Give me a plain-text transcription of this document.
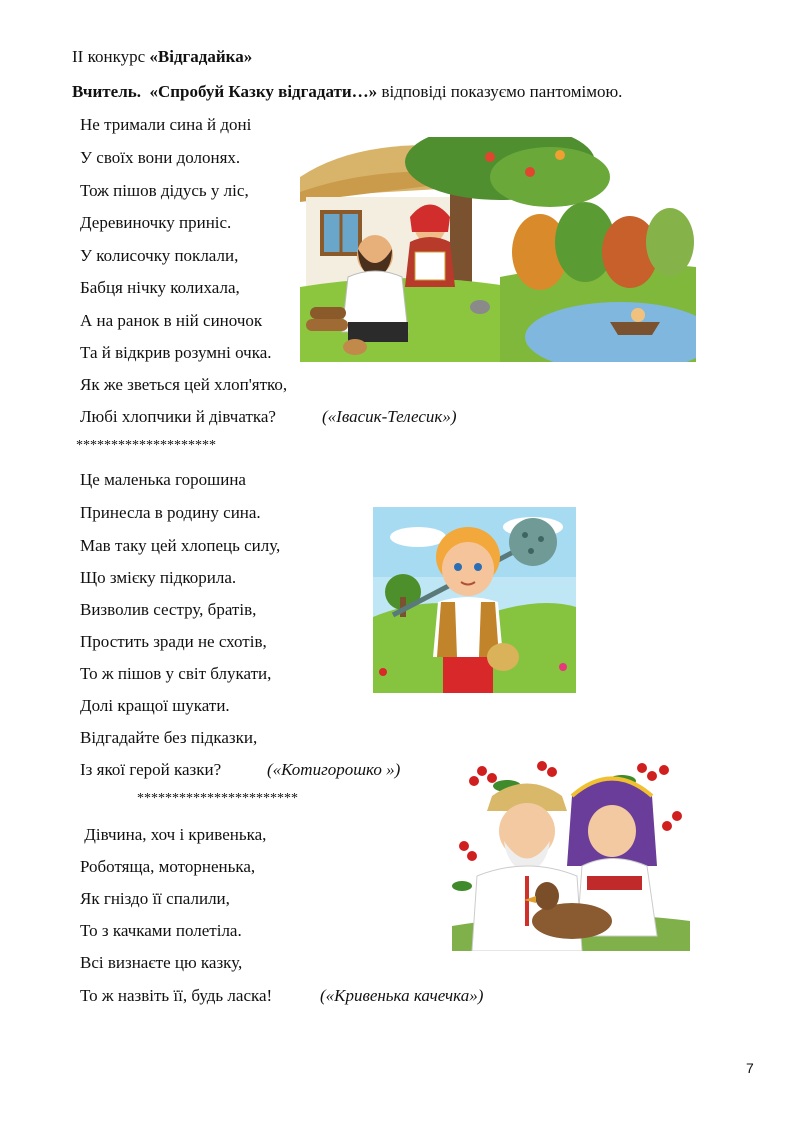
ІІ конкурс «Відгадайка»
Вчитель. «Спробуй Казку відгадати…» відповіді показуємо пантомімою.
Не тримали сина й доні
У своїх вони долонях.
Тож пішов дідусь у ліс,
Деревиночку приніс.
У колисочку поклали,
Бабця нічку колихала,
А на ранок в ній синочок
Та й відкрив розумні очка.
Як же зветься цей хлоп'ятко,
Любі хлопчики й дівчатка?	(«Івасик-Телесик»)
********************
Це маленька горошина
Принесла в родину сина.
Мав таку цей хлопець силу,
Що змієку підкорила.
Визволив сестру, братів,
Простить зради не схотів,
То ж пішов у світ блукати,
Долі кращої шукати.
Відгадайте без підказки,
Із якої герой казки?	(«Котигорошко »)
***********************
Дівчина, хоч і кривенька,
Роботяща, моторненька,
Як гніздо її спалили,
То з качками полетіла.
Всі визнаєте цю казку,
То ж назвіть її, будь ласка!	(«Кривенька качечка»)
7
